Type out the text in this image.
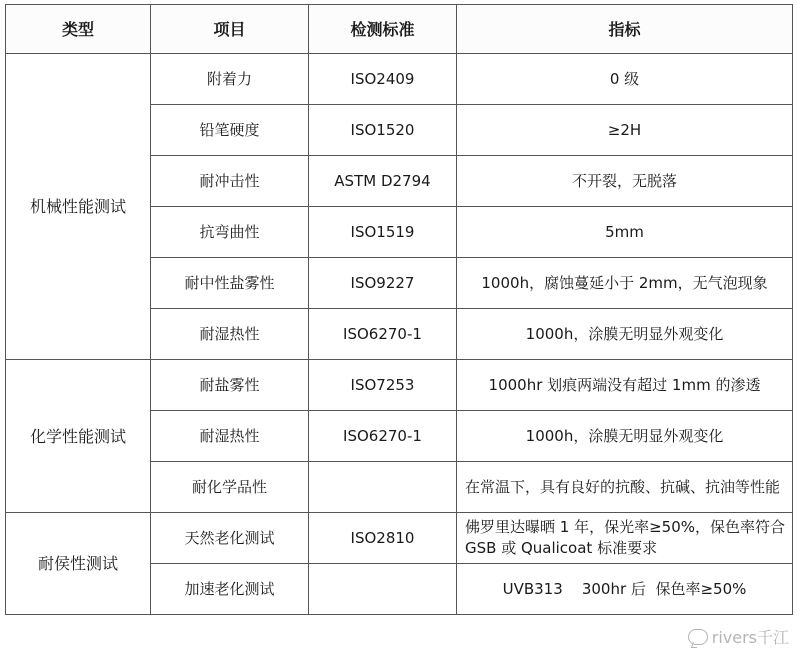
类型	项目	检测标准	指标
机械性能测试	附着力	ISO2409	0 级
	铅笔硬度	ISO1520	≥2H
	耐冲击性	ASTM D2794	不开裂，无脱落
	抗弯曲性	ISO1519	5mm
	耐中性盐雾性	ISO9227	1000h，腐蚀蔓延小于 2mm，无气泡现象
	耐湿热性	ISO6270-1	1000h，涂膜无明显外观变化
化学性能测试	耐盐雾性	ISO7253	1000hr 划痕两端没有超过 1mm 的渗透
	耐湿热性	ISO6270-1	1000h，涂膜无明显外观变化
	耐化学品性		在常温下，具有良好的抗酸、抗碱、抗油等性能
耐侯性测试	天然老化测试	ISO2810	佛罗里达曝晒 1 年，保光率≥50%，保色率符合 GSB 或 Qualicoat 标准要求
	加速老化测试		UVB313    300hr 后  保色率≥50%
rivers千江
